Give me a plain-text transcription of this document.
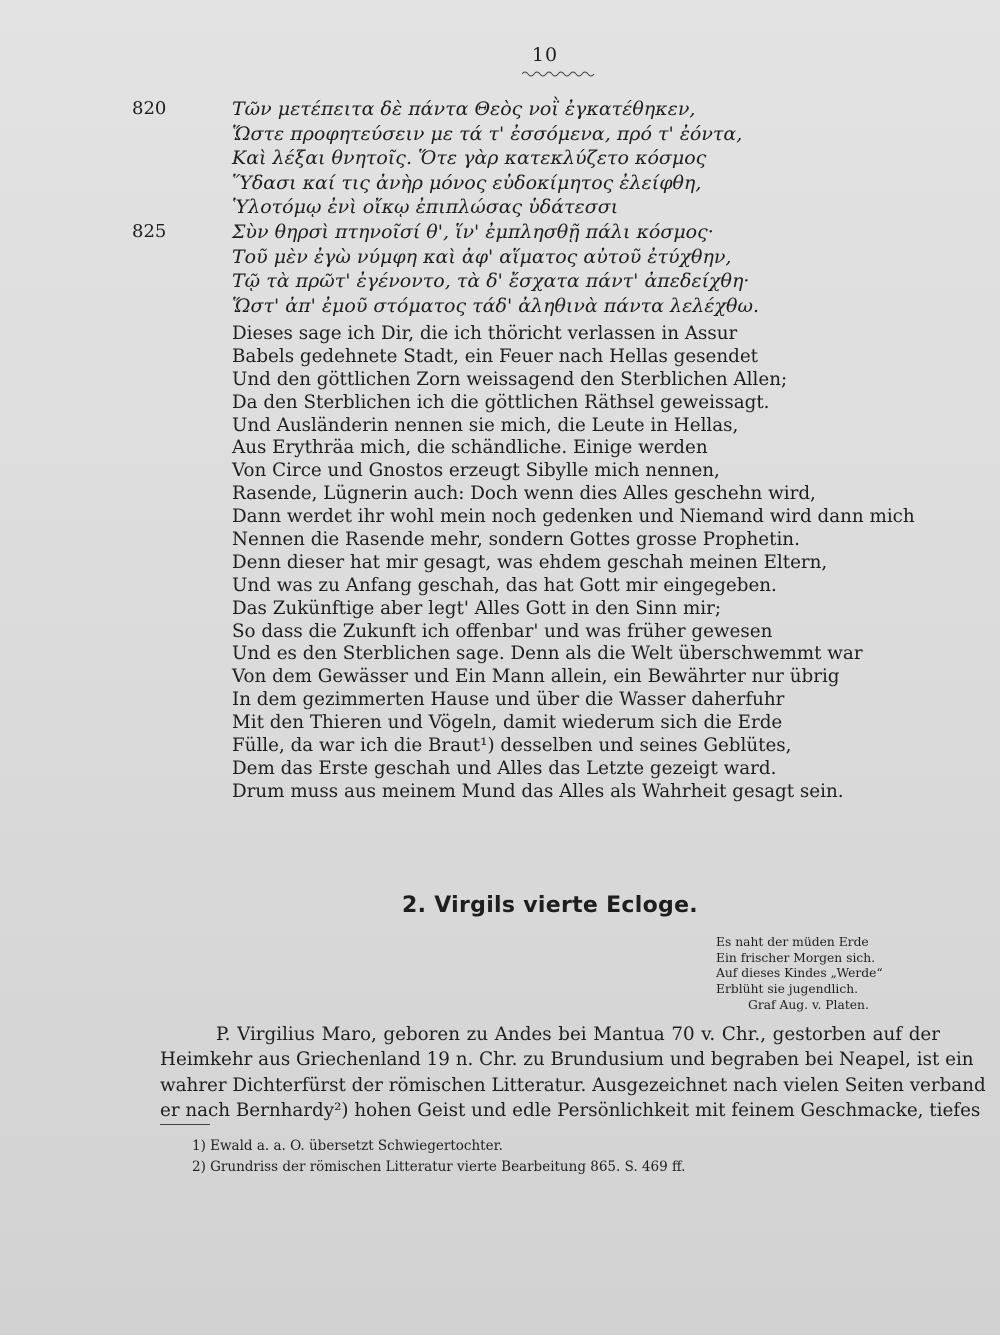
10
820	Τῶν μετέπειτα δὲ πάντα Θεὸς νοῒ ἐγκατέθηκεν,
Ὥστε προφητεύσειν με τά τ' ἐσσόμενα, πρό τ' ἐόντα,
Καὶ λέξαι θνητοῖς. Ὅτε γὰρ κατεκλύζετο κόσμος
Ὕδασι καί τις ἀνὴρ μόνος εὐδοκίμητος ἐλείφθη,
Ὑλοτόμῳ ἐνὶ οἴκῳ ἐπιπλώσας ὑδάτεσσι
825	Σὺν θηρσὶ πτηνοῖσί θ', ἵν' ἐμπλησθῇ πάλι κόσμος·
Τοῦ μὲν ἐγὼ νύμφη καὶ ἀφ' αἵματος αὐτοῦ ἐτύχθην,
Τῷ τὰ πρῶτ' ἐγένοντο, τὰ δ' ἔσχατα πάντ' ἀπεδείχθη·
Ὥστ' ἀπ' ἐμοῦ στόματος τάδ' ἀληθινὰ πάντα λελέχθω.
Dieses sage ich Dir, die ich thöricht verlassen in Assur
Babels gedehnete Stadt, ein Feuer nach Hellas gesendet
Und den göttlichen Zorn weissagend den Sterblichen Allen;
Da den Sterblichen ich die göttlichen Räthsel geweissagt.
Und Ausländerin nennen sie mich, die Leute in Hellas,
Aus Erythräa mich, die schändliche. Einige werden
Von Circe und Gnostos erzeugt Sibylle mich nennen,
Rasende, Lügnerin auch: Doch wenn dies Alles geschehn wird,
Dann werdet ihr wohl mein noch gedenken und Niemand wird dann mich
Nennen die Rasende mehr, sondern Gottes grosse Prophetin.
Denn dieser hat mir gesagt, was ehdem geschah meinen Eltern,
Und was zu Anfang geschah, das hat Gott mir eingegeben.
Das Zukünftige aber legt' Alles Gott in den Sinn mir;
So dass die Zukunft ich offenbar' und was früher gewesen
Und es den Sterblichen sage. Denn als die Welt überschwemmt war
Von dem Gewässer und Ein Mann allein, ein Bewährter nur übrig
In dem gezimmerten Hause und über die Wasser daherfuhr
Mit den Thieren und Vögeln, damit wiederum sich die Erde
Fülle, da war ich die Braut¹) desselben und seines Geblütes,
Dem das Erste geschah und Alles das Letzte gezeigt ward.
Drum muss aus meinem Mund das Alles als Wahrheit gesagt sein.
2. Virgils vierte Ecloge.
Es naht der müden Erde
Ein frischer Morgen sich.
Auf dieses Kindes „Werde“
Erblüht sie jugendlich.
Graf Aug. v. Platen.
P. Virgilius Maro, geboren zu Andes bei Mantua 70 v. Chr., gestorben auf der
Heimkehr aus Griechenland 19 n. Chr. zu Brundusium und begraben bei Neapel, ist ein
wahrer Dichterfürst der römischen Litteratur. Ausgezeichnet nach vielen Seiten verband
er nach Bernhardy²) hohen Geist und edle Persönlichkeit mit feinem Geschmacke, tiefes
1) Ewald a. a. O. übersetzt Schwiegertochter.
2) Grundriss der römischen Litteratur vierte Bearbeitung 865. S. 469 ff.
